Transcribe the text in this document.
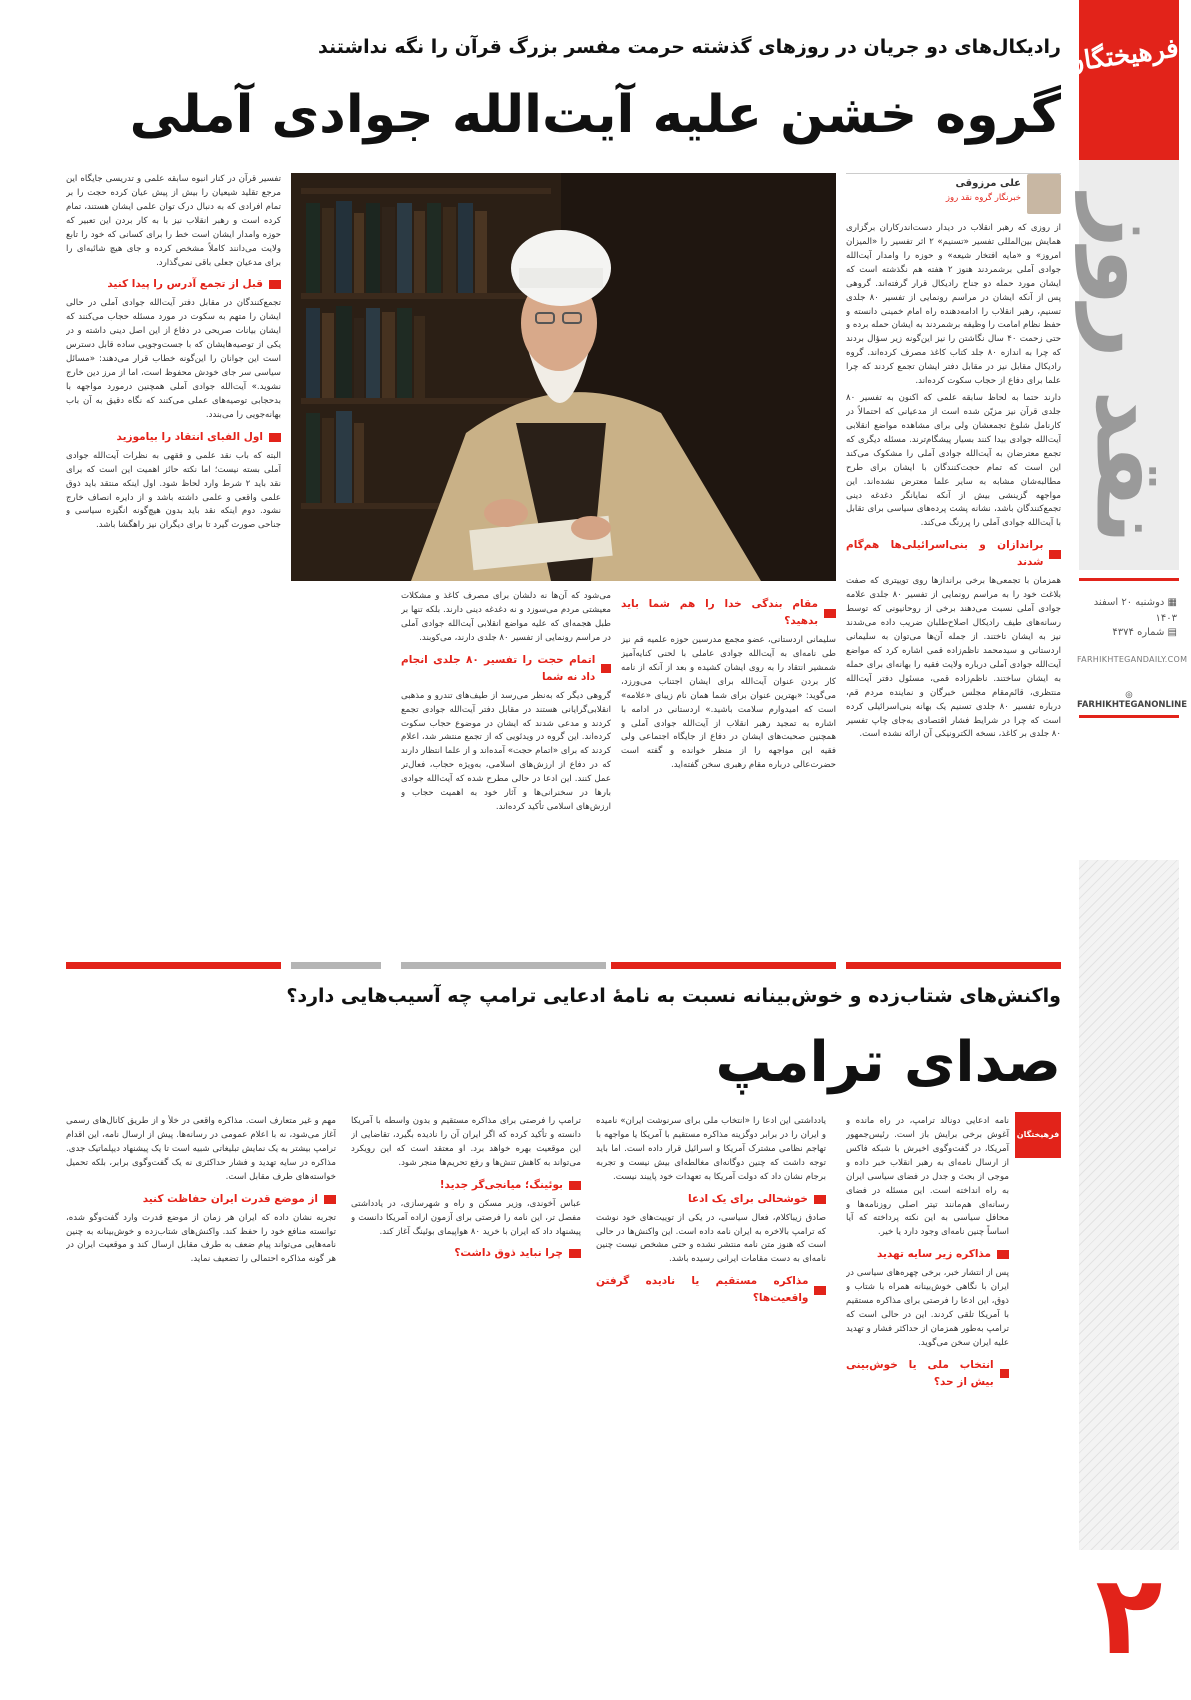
فرهیختگان
نقد روز
▦ دوشنبه ۲۰ اسفند ۱۴۰۳
▤ شماره ۴۳۷۴
FARHIKHTEGANDAILY.COM
◎ FARHIKHTEGANONLINE
۲
رادیکال‌های دو جریان در روزهای گذشته حرمت مفسر بزرگ قرآن را نگه نداشتند
گروه خشن علیه آیت‌الله جوادی آملی
علی مرزوقی
خبرنگار گروه نقد روز

از روزی که رهبر انقلاب در دیدار دست‌اندرکاران برگزاری همایش بین‌المللی تفسیر «تسنیم» ۲ اثر تفسیر را «المیزان امروز» و «مایه افتخار شیعه» و حوزه را وامدار آیت‌الله جوادی آملی برشمردند هنوز ۲ هفته هم نگذشته است که ایشان مورد حمله دو جناح رادیکال قرار گرفته‌اند. گروهی پس از آنکه ایشان در مراسم رونمایی از تفسیر ۸۰ جلدی تسنیم، رهبر انقلاب را ادامه‌دهنده راه امام خمینی دانسته و حفظ نظام امامت را وظیفه برشمردند به ایشان حمله برده و حتی زحمت ۴۰ سال نگاشتن را نیز این‌گونه زیر سؤال بردند که چرا به اندازه ۸۰ جلد کتاب کاغذ مصرف کرده‌اند. گروه رادیکال مقابل نیز در مقابل دفتر ایشان تجمع کردند که چرا علما برای دفاع از حجاب سکوت کرده‌اند.

دارند حتما به لحاظ سابقه علمی که اکنون به تفسیر ۸۰ جلدی قرآن نیز مزیّن شده است از مدعیانی که احتمالاً در کارنامل شلوغ تجمعشان ولی برای مشاهده مواضع انقلابی آیت‌الله جوادی بیدا کنند بسیار پیشگام‌ترند. مسئله دیگری که تجمع معترضان به آیت‌الله جوادی آملی را مشکوک می‌کند این است که تمام حجت‌کنندگان با ایشان برای طرح مطالبه‌شان مشابه به سایر علما معترض نشده‌اند. این مواجهه گزینشی بیش از آنکه نمایانگر دغدغه دینی تجمع‌کنندگان باشد، نشانه پشت پرده‌های سیاسی برای تقابل با آیت‌الله جوادی آملی را پررنگ می‌کند.

براندازان و بنی‌اسرائیلی‌ها هم‌گام شدند

همزمان با تجمعی‌ها برخی براندازها روی توییتری که صفت بلاغت خود را به مراسم رونمایی از تفسیر ۸۰ جلدی علامه جوادی آملی نسبت می‌دهند برخی از روحانیونی که توسط رسانه‌های طیف رادیکال اصلاح‌طلبان ضریب داده می‌شدند نیز به ایشان تاختند. از جمله آن‌ها می‌توان به سلیمانی اردستانی و سیدمحمد ناظم‌زاده قمی اشاره کرد که مواضع آیت‌الله جوادی آملی درباره ولایت فقیه را بهانه‌ای برای حمله به ایشان ساختند. ناظم‌زاده قمی، مسئول دفتر آیت‌الله منتظری، قائم‌مقام مجلس خبرگان و نماینده مردم قم، درباره تفسیر ۸۰ جلدی تسنیم یک بهانه بنی‌اسرائیلی کرده است که چرا در شرایط فشار اقتصادی به‌جای چاپ تفسیر ۸۰ جلدی بر کاغذ، نسخه الکترونیکی آن ارائه نشده است.

مقام بندگی خدا را هم شما باید بدهید؟

سلیمانی اردستانی، عضو مجمع مدرسین حوزه علمیه قم نیز طی نامه‌ای به آیت‌الله جوادی عاملی با لحنی کنایه‌آمیز شمشیر انتقاد را به روی ایشان کشیده و بعد از آنکه از نامه کار بردن عنوان آیت‌الله برای ایشان اجتناب می‌ورزد، می‌گوید: «بهترین عنوان برای شما همان نام زیبای «علامه» است که امیدوارم سلامت باشید.» اردستانی در ادامه با اشاره به تمجید رهبر انقلاب از آیت‌الله جوادی آملی و همچنین صحبت‌های ایشان در دفاع از جایگاه اجتماعی ولی فقیه این مواجهه را از منظر خوانده و گفته است حضرت‌عالی درباره مقام رهبری سخن گفته‌اید.

می‌شود که آن‌ها نه دلشان برای مصرف کاغذ و مشکلات معیشتی مردم می‌سوزد و نه دغدغه دینی دارند. بلکه تنها بر طبل هجمه‌ای که علیه مواضع انقلابی آیت‌الله جوادی آملی در مراسم رونمایی از تفسیر ۸۰ جلدی دارند، می‌کوبند.

اتمام حجت را تفسیر ۸۰ جلدی انجام داد نه شما

گروهی دیگر که به‌نظر می‌رسد از طیف‌های تندرو و مذهبی انقلابی‌گرایانی هستند در مقابل دفتر آیت‌الله جوادی تجمع کردند و مدعی شدند که ایشان در موضوع حجاب سکوت کرده‌اند. این گروه در ویدئویی که از تجمع منتشر شد، اعلام کردند که برای «اتمام حجت» آمده‌اند و از علما انتظار دارند که در دفاع از ارزش‌های اسلامی، به‌ویژه حجاب، فعال‌تر عمل کنند. این ادعا در حالی مطرح شده که آیت‌الله جوادی بارها در سخنرانی‌ها و آثار خود به اهمیت حجاب و ارزش‌های اسلامی تأکید کرده‌اند.

تفسیر قرآن در کنار انبوه سابقه علمی و تدریسی جایگاه این مرجع تقلید شیعیان را بیش از پیش عیان کرده حجت را بر تمام افرادی که به دنبال درک توان علمی ایشان هستند، تمام کرده است و رهبر انقلاب نیز با به کار بردن این تعبیر که حوزه وامدار ایشان است خط را برای کسانی که خود را تابع ولایت می‌دانند کاملاً مشخص کرده و جای هیچ شائبه‌ای را برای مدعیان جعلی باقی نمی‌گذارد.

قبل از تجمع آدرس را پیدا کنید

تجمع‌کنندگان در مقابل دفتر آیت‌الله جوادی آملی در حالی ایشان را متهم به سکوت در مورد مسئله حجاب می‌کنند که ایشان بیانات صریحی در دفاع از این اصل دینی داشته و در یکی از توصیه‌هایشان که با جست‌وجویی ساده قابل دسترس است این جوانان را این‌گونه خطاب قرار می‌دهند: «مسائل سیاسی سر جای خودش محفوظ است، اما از مرز دین خارج نشوید.» آیت‌الله جوادی آملی همچنین درمورد مواجهه با بدحجابی توصیه‌های عملی می‌کنند که نگاه دقیق به آن باب بهانه‌جویی را می‌بندد.

اول الفبای انتقاد را بیاموزید

البته که باب نقد علمی و فقهی به نظرات آیت‌الله جوادی آملی بسته نیست؛ اما نکته حائز اهمیت این است که برای نقد باید ۲ شرط وارد لحاظ شود. اول اینکه منتقد باید ذوق علمی واقعی و علمی داشته باشد و از دایره انصاف خارج نشود. دوم اینکه نقد باید بدون هیچ‌گونه انگیزه سیاسی و جناحی صورت گیرد تا برای دیگران نیز راهگشا باشد.

واکنش‌های شتاب‌زده و خوش‌بینانه نسبت به نامهٔ ادعایی ترامپ چه آسیب‌هایی دارد؟
صدای ترامپ
فرهیختگان

نامه ادعایی دونالد ترامپ، در راه مانده و آغوش برخی برایش باز است. رئیس‌جمهور آمریکا، در گفت‌وگوی اخیرش با شبکه فاکس از ارسال نامه‌ای به رهبر انقلاب خبر داده و موجی از بحث و جدل در فضای سیاسی ایران به راه انداخته است. این مسئله در فضای رسانه‌ای هم‌مانند تیتر اصلی روزنامه‌ها و محافل سیاسی به این نکته پرداخته که آیا اساساً چنین نامه‌ای وجود دارد یا خیر.

مذاکره زیر سایه تهدید

پس از انتشار خبر، برخی چهره‌های سیاسی در ایران با نگاهی خوش‌بینانه همراه با شتاب و ذوق، این ادعا را فرصتی برای مذاکره مستقیم با آمریکا تلقی کردند. این در حالی است که ترامپ به‌طور همزمان از حداکثر فشار و تهدید علیه ایران سخن می‌گوید.

انتخاب ملی یا خوش‌بینی بیش از حد؟

یادداشتی این ادعا را «انتخاب ملی برای سرنوشت ایران» نامیده و ایران را در برابر دوگزینه مذاکره مستقیم با آمریکا یا مواجهه با تهاجم نظامی مشترک آمریکا و اسرائیل قرار داده است. اما باید توجه داشت که چنین دوگانه‌ای مغالطه‌ای بیش نیست و تجربه برجام نشان داد که دولت آمریکا به تعهدات خود پایبند نیست.

خوشحالی برای یک ادعا

صادق زیباکلام، فعال سیاسی، در یکی از توییت‌های خود نوشت که ترامپ بالاخره به ایران نامه داده است. این واکنش‌ها در حالی است که هنوز متن نامه منتشر نشده و حتی مشخص نیست چنین نامه‌ای به دست مقامات ایرانی رسیده باشد.

مذاکره مستقیم یا نادیده گرفتن واقعیت‌ها؟

ترامپ را فرصتی برای مذاکره مستقیم و بدون واسطه با آمریکا دانسته و تأکید کرده که اگر ایران آن را نادیده بگیرد، تقاضایی از این موقعیت بهره خواهد برد. او معتقد است که این رویکرد می‌تواند به کاهش تنش‌ها و رفع تحریم‌ها منجر شود.

بوئینگ؛ میانجی‌گر جدید!

عباس آخوندی، وزیر مسکن و راه و شهرسازی، در یادداشتی مفصل تر، این نامه را فرصتی برای آزمون اراده آمریکا دانست و پیشنهاد داد که ایران با خرید ۸۰ هواپیمای بوئینگ آغاز کند.

چرا نباید ذوق داشت؟

مهم و غیر متعارف است. مذاکره واقعی در خلأ و از طریق کانال‌های رسمی آغاز می‌شود، نه با اعلام عمومی در رسانه‌ها. پیش از ارسال نامه، این اقدام ترامپ بیشتر به یک نمایش تبلیغاتی شبیه است تا یک پیشنهاد دیپلماتیک جدی. مذاکره در سایه تهدید و فشار حداکثری نه یک گفت‌وگوی برابر، بلکه تحمیل خواسته‌های طرف مقابل است.

از موضع قدرت ایران حفاظت کنید

تجربه نشان داده که ایران هر زمان از موضع قدرت وارد گفت‌وگو شده، توانسته منافع خود را حفظ کند. واکنش‌های شتاب‌زده و خوش‌بینانه به چنین نامه‌هایی می‌تواند پیام ضعف به طرف مقابل ارسال کند و موقعیت ایران در هر گونه مذاکره احتمالی را تضعیف نماید.
